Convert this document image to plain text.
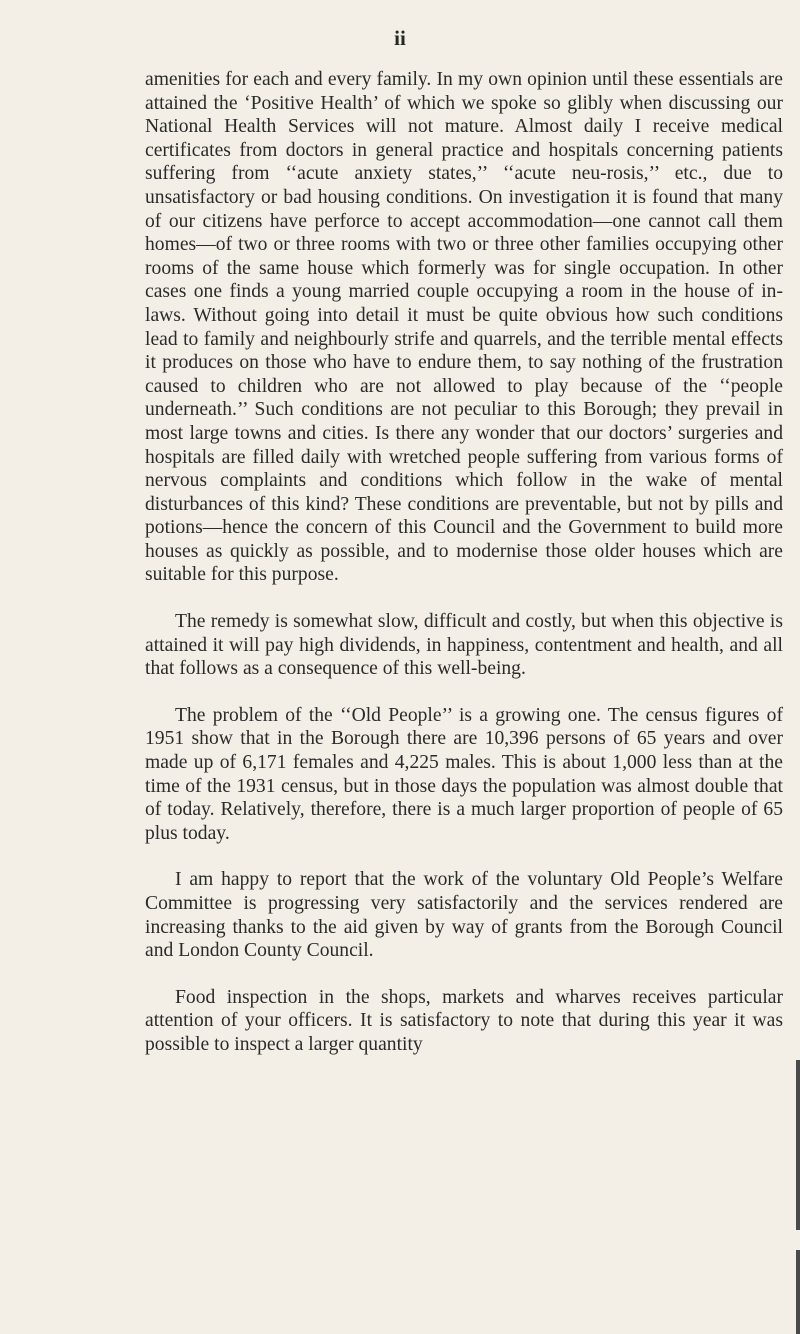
ii

amenities for each and every family. In my own opinion until these essentials are attained the ‘Positive Health’ of which we spoke so glibly when discussing our National Health Services will not mature. Almost daily I receive medical certificates from doctors in general practice and hospitals concerning patients suffering from ‘‘acute anxiety states,’’ ‘‘acute neu-rosis,’’ etc., due to unsatisfactory or bad housing conditions. On investigation it is found that many of our citizens have perforce to accept accommodation—one cannot call them homes—of two or three rooms with two or three other families occupying other rooms of the same house which formerly was for single occupation. In other cases one finds a young married couple occupying a room in the house of in-laws. Without going into detail it must be quite obvious how such conditions lead to family and neighbourly strife and quarrels, and the terrible mental effects it produces on those who have to endure them, to say nothing of the frustration caused to children who are not allowed to play because of the ‘‘people underneath.’’ Such conditions are not peculiar to this Borough; they prevail in most large towns and cities. Is there any wonder that our doctors’ surgeries and hospitals are filled daily with wretched people suffering from various forms of nervous complaints and conditions which follow in the wake of mental disturbances of this kind? These conditions are preventable, but not by pills and potions—hence the concern of this Council and the Government to build more houses as quickly as possible, and to modernise those older houses which are suitable for this purpose.

The remedy is somewhat slow, difficult and costly, but when this objective is attained it will pay high dividends, in happiness, contentment and health, and all that follows as a consequence of this well-being.

The problem of the ‘‘Old People’’ is a growing one. The census figures of 1951 show that in the Borough there are 10,396 persons of 65 years and over made up of 6,171 females and 4,225 males. This is about 1,000 less than at the time of the 1931 census, but in those days the population was almost double that of today. Relatively, therefore, there is a much larger proportion of people of 65 plus today.

I am happy to report that the work of the voluntary Old People’s Welfare Committee is progressing very satisfactorily and the services rendered are increasing thanks to the aid given by way of grants from the Borough Council and London County Council.

Food inspection in the shops, markets and wharves receives particular attention of your officers. It is satisfactory to note that during this year it was possible to inspect a larger quantity
